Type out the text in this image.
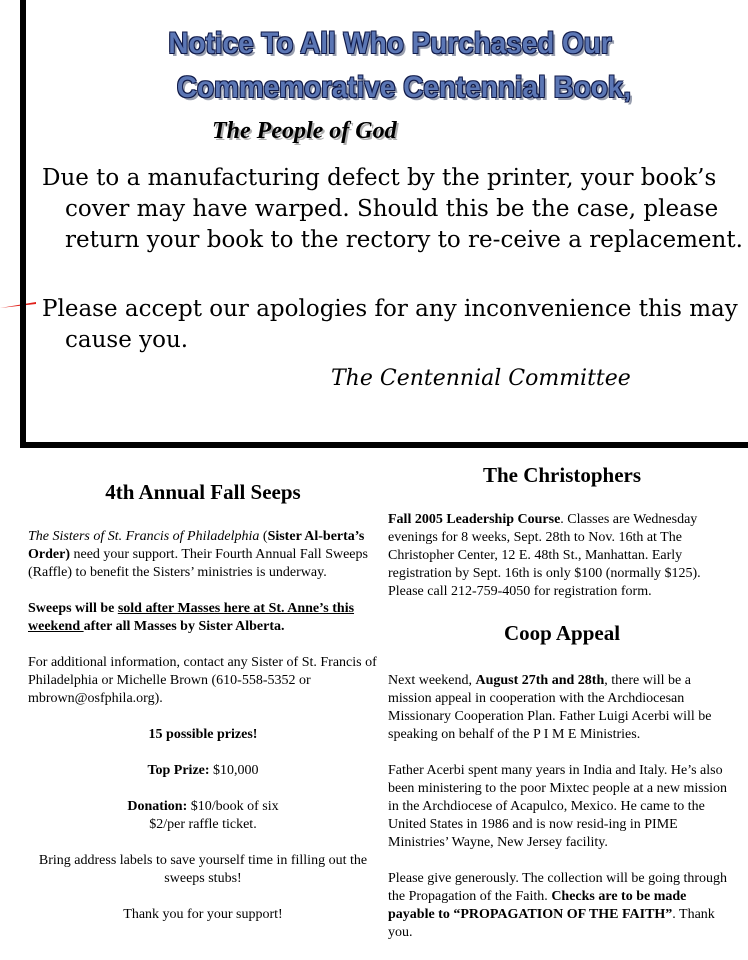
Notice To All Who Purchased Our
Commemorative Centennial Book,
The People of God
Due to a manufacturing defect by the printer, your book’s cover may have warped. Should this be the case, please return your book to the rectory to re-ceive a replacement.
Please accept our apologies for any inconvenience this may cause you.
The Centennial Committee
4th Annual Fall Seeps

The Sisters of St. Francis of Philadelphia (Sister Al-berta’s Order) need your support. Their Fourth Annual Fall Sweeps (Raffle) to benefit the Sisters’ ministries is underway.

Sweeps will be sold after Masses here at St. Anne’s this weekend after all Masses by Sister Alberta.

For additional information, contact any Sister of St. Francis of Philadelphia or Michelle Brown (610-558-5352 or mbrown@osfphila.org).

15 possible prizes!

Top Prize: $10,000

Donation: $10/book of six
$2/per raffle ticket.

Bring address labels to save yourself time in filling out the sweeps stubs!

Thank you for your support!

The Christophers

Fall 2005 Leadership Course. Classes are Wednesday evenings for 8 weeks, Sept. 28th to Nov. 16th at The Christopher Center, 12 E. 48th St., Manhattan. Early registration by Sept. 16th is only $100 (normally $125). Please call 212-759-4050 for registration form.

Coop Appeal

Next weekend, August 27th and 28th, there will be a mission appeal in cooperation with the Archdiocesan Missionary Cooperation Plan. Father Luigi Acerbi will be speaking on behalf of the P I M E Ministries.

Father Acerbi spent many years in India and Italy. He’s also been ministering to the poor Mixtec people at a new mission in the Archdiocese of Acapulco, Mexico. He came to the United States in 1986 and is now resid-ing in PIME Ministries’ Wayne, New Jersey facility.

Please give generously. The collection will be going through the Propagation of the Faith. Checks are to be made payable to “PROPAGATION OF THE FAITH”. Thank you.
